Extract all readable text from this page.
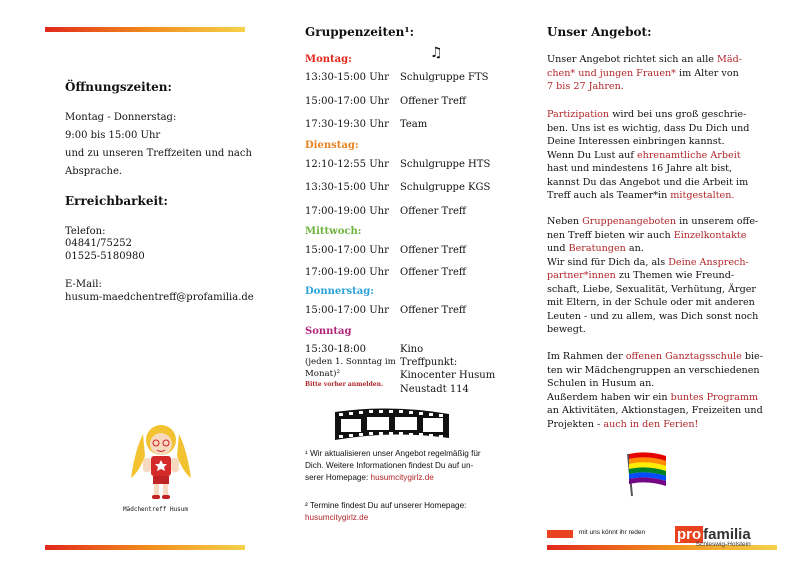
Öffnungszeiten:
Montag - Donnerstag:
9:00 bis 15:00 Uhr
und zu unseren Treffzeiten und nach
Absprache.
Erreichbarkeit:
Telefon:
04841/75252
01525-5180980
E-Mail:
husum-maedchentreff@profamilia.de
Mädchentreff Husum
Gruppenzeiten¹:
♫
Montag:
13:30-15:00 Uhr Schulgruppe FTS
15:00-17:00 Uhr Offener Treff
17:30-19:30 Uhr Team
Dienstag:
12:10-12:55 Uhr Schulgruppe HTS
13:30-15:00 Uhr Schulgruppe KGS
17:00-19:00 Uhr Offener Treff
Mittwoch:
15:00-17:00 Uhr Offener Treff
17:00-19:00 Uhr Offener Treff
Donnerstag:
15:00-17:00 Uhr Offener Treff
Sonntag
15:30-18:00
(jeden 1. Sonntag im
Monat)²
Bitte vorher anmelden.
Kino
Treffpunkt:
Kinocenter Husum
Neustadt 114
¹ Wir aktualisieren unser Angebot regelmäßig für
Dich. Weitere Informationen findest Du auf un-
serer Homepage: husumcitygirlz.de
² Termine findest Du auf unserer Homepage:
husumcitygirlz.de
Unser Angebot:
Unser Angebot richtet sich an alle Mäd-
chen* und jungen Frauen* im Alter von
7 bis 27 Jahren.
Partizipation wird bei uns groß geschrie-
ben. Uns ist es wichtig, dass Du Dich und
Deine Interessen einbringen kannst.
Wenn Du Lust auf ehrenamtliche Arbeit
hast und mindestens 16 Jahre alt bist,
kannst Du das Angebot und die Arbeit im
Treff auch als Teamer*in mitgestalten.
Neben Gruppenangeboten in unserem offe-
nen Treff bieten wir auch Einzelkontakte
und Beratungen an.
Wir sind für Dich da, als Deine Ansprech-
partner*innen zu Themen wie Freund-
schaft, Liebe, Sexualität, Verhütung, Ärger
mit Eltern, in der Schule oder mit anderen
Leuten - und zu allem, was Dich sonst noch
bewegt.
Im Rahmen der offenen Ganztagsschule bie-
ten wir Mädchengruppen an verschiedenen
Schulen in Husum an.
Außerdem haben wir ein buntes Programm
an Aktivitäten, Aktionstagen, Freizeiten und
Projekten - auch in den Ferien!
mit uns könnt ihr reden pro familia
Schleswig-Holstein
